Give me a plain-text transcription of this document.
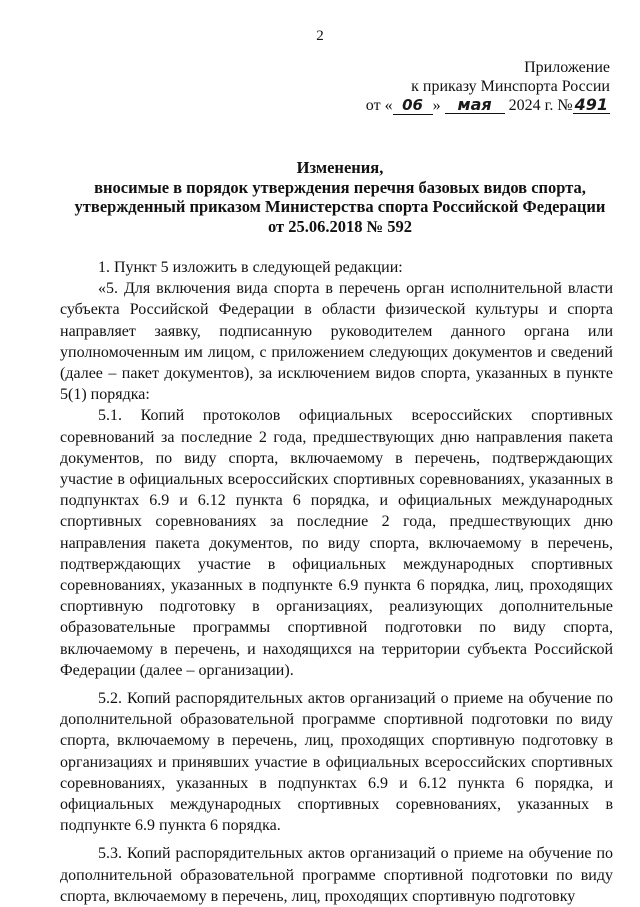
2
Приложение
к приказу Минспорта России
от « 06 » мая 2024 г. № 491
Изменения,
вносимые в порядок утверждения перечня базовых видов спорта,
утвержденный приказом Министерства спорта Российской Федерации
от 25.06.2018 № 592

1. Пункт 5 изложить в следующей редакции:

«5. Для включения вида спорта в перечень орган исполнительной власти субъекта Российской Федерации в области физической культуры и спорта направляет заявку, подписанную руководителем данного органа или уполномоченным им лицом, с приложением следующих документов и сведений (далее – пакет документов), за исключением видов спорта, указанных в пункте 5(1) порядка:

5.1. Копий протоколов официальных всероссийских спортивных соревнований за последние 2 года, предшествующих дню направления пакета документов, по виду спорта, включаемому в перечень, подтверждающих участие в официальных всероссийских спортивных соревнованиях, указанных в подпунктах 6.9 и 6.12 пункта 6 порядка, и официальных международных спортивных соревнованиях за последние 2 года, предшествующих дню направления пакета документов, по виду спорта, включаемому в перечень, подтверждающих участие в официальных международных спортивных соревнованиях, указанных в подпункте 6.9 пункта 6 порядка, лиц, проходящих спортивную подготовку в организациях, реализующих дополнительные образовательные программы спортивной подготовки по виду спорта, включаемому в перечень, и находящихся на территории субъекта Российской Федерации (далее – организации).

5.2. Копий распорядительных актов организаций о приеме на обучение по дополнительной образовательной программе спортивной подготовки по виду спорта, включаемому в перечень, лиц, проходящих спортивную подготовку в организациях и принявших участие в официальных всероссийских спортивных соревнованиях, указанных в подпунктах 6.9 и 6.12 пункта 6 порядка, и официальных международных спортивных соревнованиях, указанных в подпункте 6.9 пункта 6 порядка.

5.3. Копий распорядительных актов организаций о приеме на обучение по дополнительной образовательной программе спортивной подготовки по виду спорта, включаемому в перечень, лиц, проходящих спортивную подготовку
